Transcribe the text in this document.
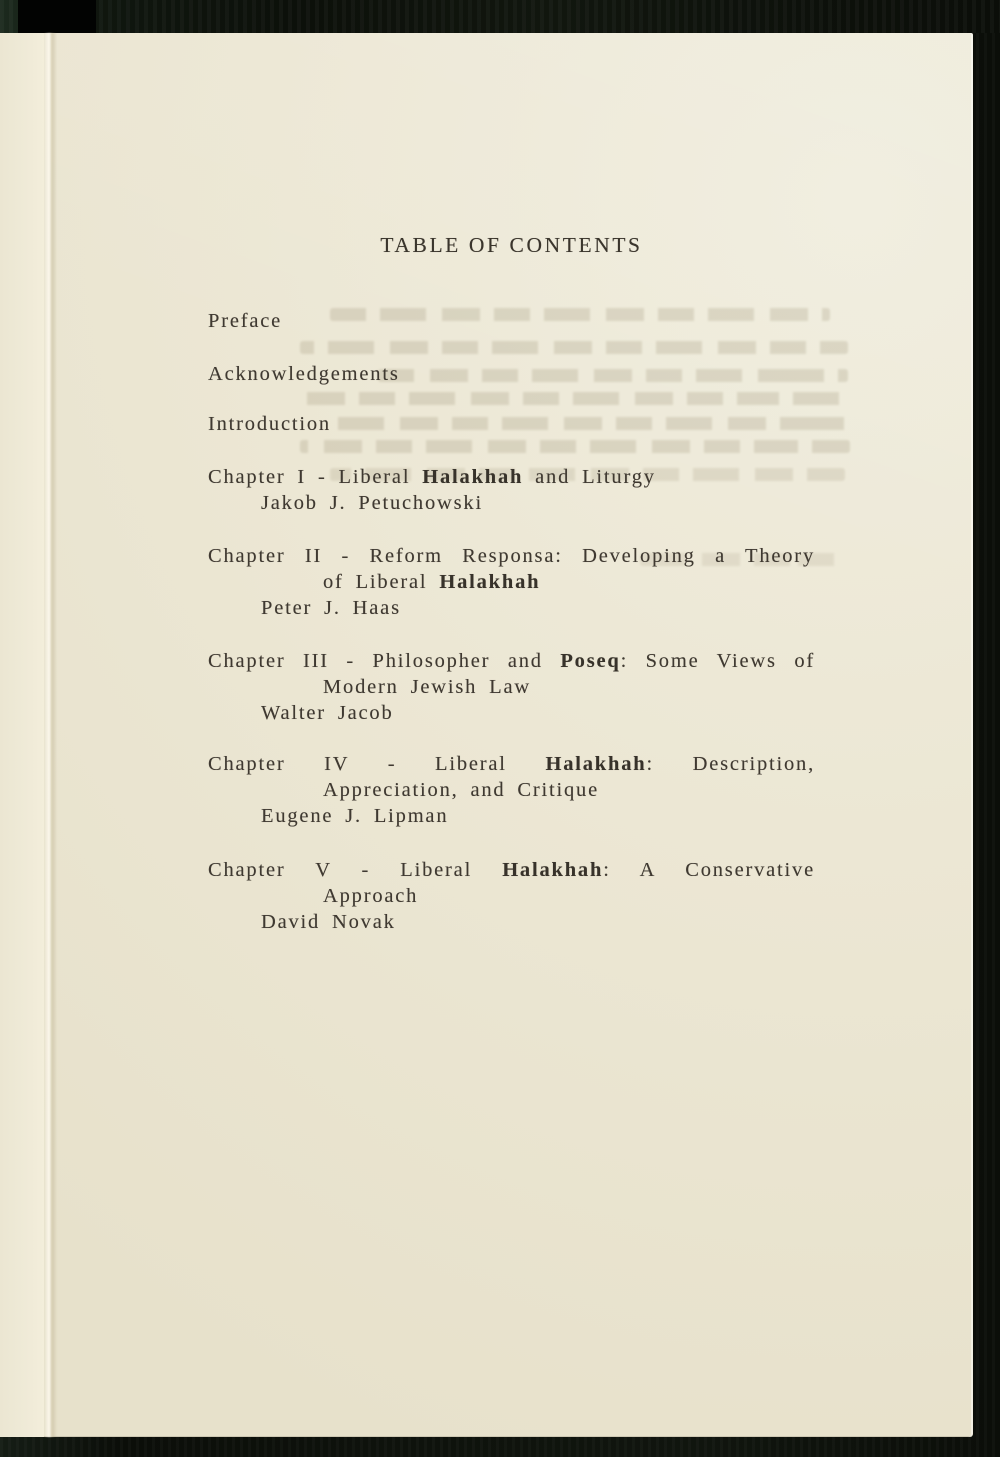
TABLE OF CONTENTS
Preface
Acknowledgements
Introduction
Chapter I - Liberal Halakhah and Liturgy
Jakob J. Petuchowski
Chapter II - Reform Responsa: Developing a Theory
of Liberal Halakhah
Peter J. Haas
Chapter III - Philosopher and Poseq: Some Views of
Modern Jewish Law
Walter Jacob
Chapter IV - Liberal Halakhah: Description,
Appreciation, and Critique
Eugene J. Lipman
Chapter V - Liberal Halakhah: A Conservative
Approach
David Novak
